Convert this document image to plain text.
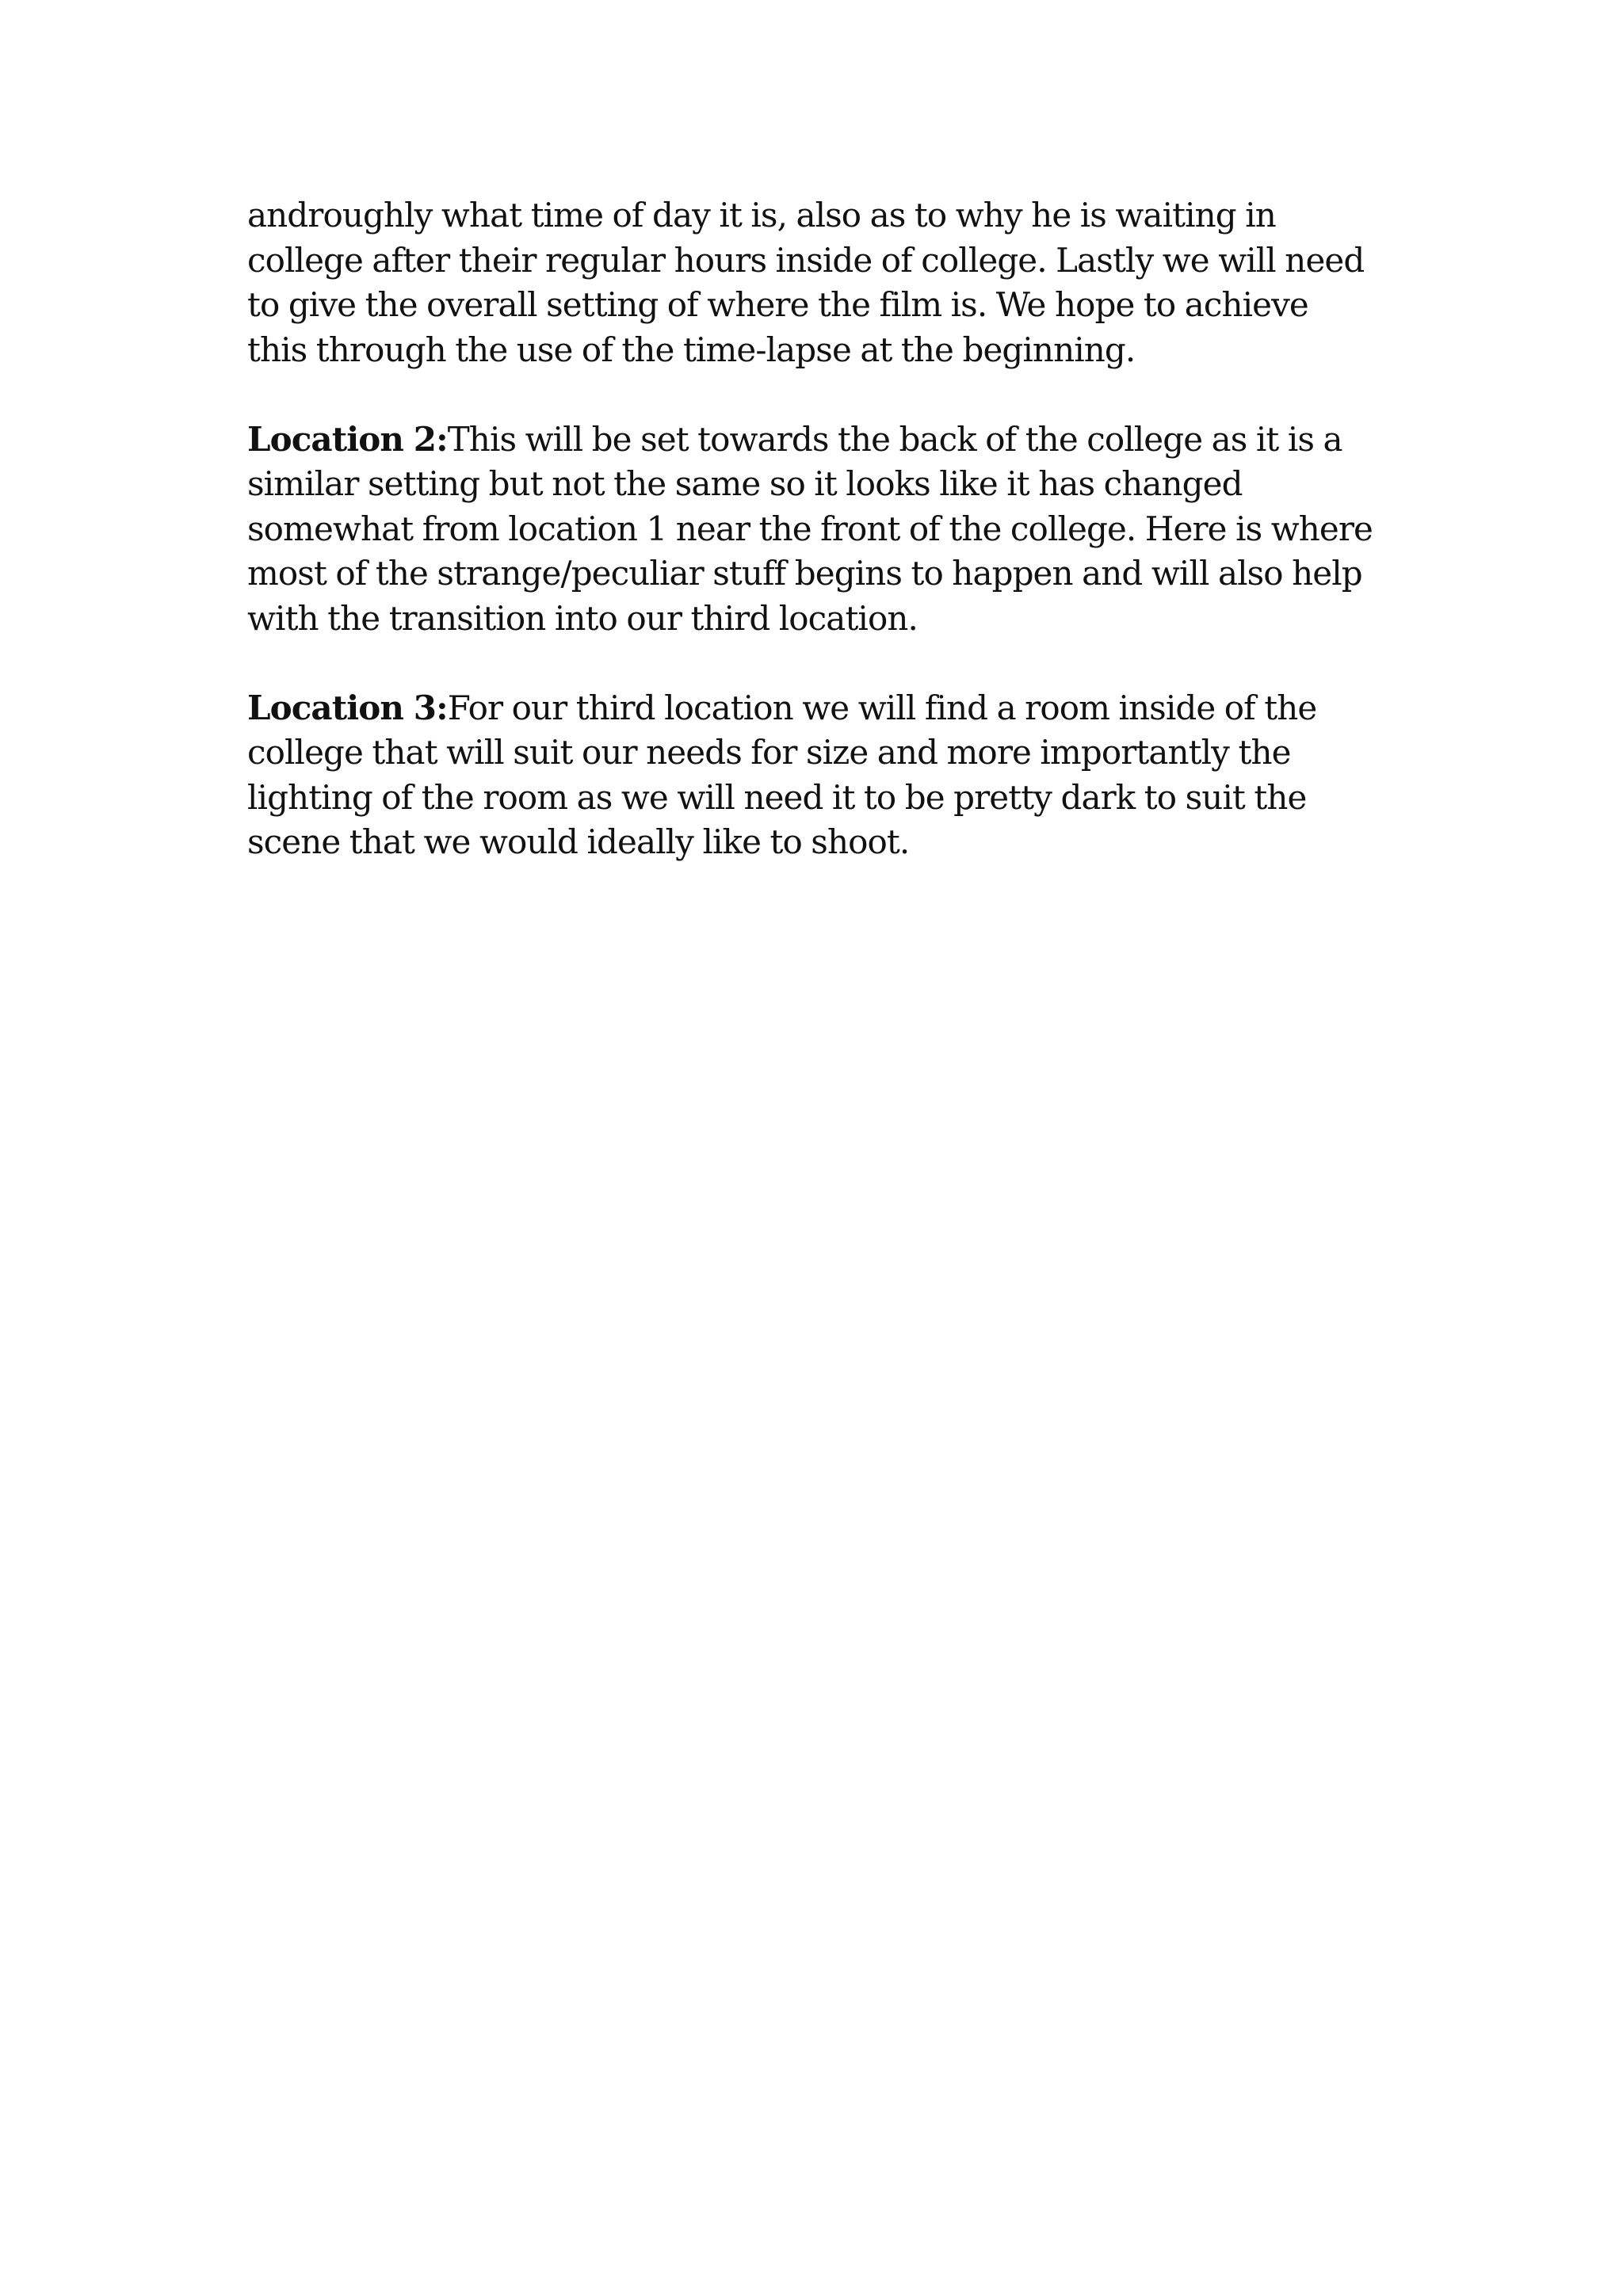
androughly what time of day it is, also as to why he is waiting in
college after their regular hours inside of college. Lastly we will need
to give the overall setting of where the film is. We hope to achieve
this through the use of the time-lapse at the beginning.

Location 2:This will be set towards the back of the college as it is a
similar setting but not the same so it looks like it has changed
somewhat from location 1 near the front of the college. Here is where
most of the strange/peculiar stuff begins to happen and will also help
with the transition into our third location.

Location 3:For our third location we will find a room inside of the
college that will suit our needs for size and more importantly the
lighting of the room as we will need it to be pretty dark to suit the
scene that we would ideally like to shoot.
